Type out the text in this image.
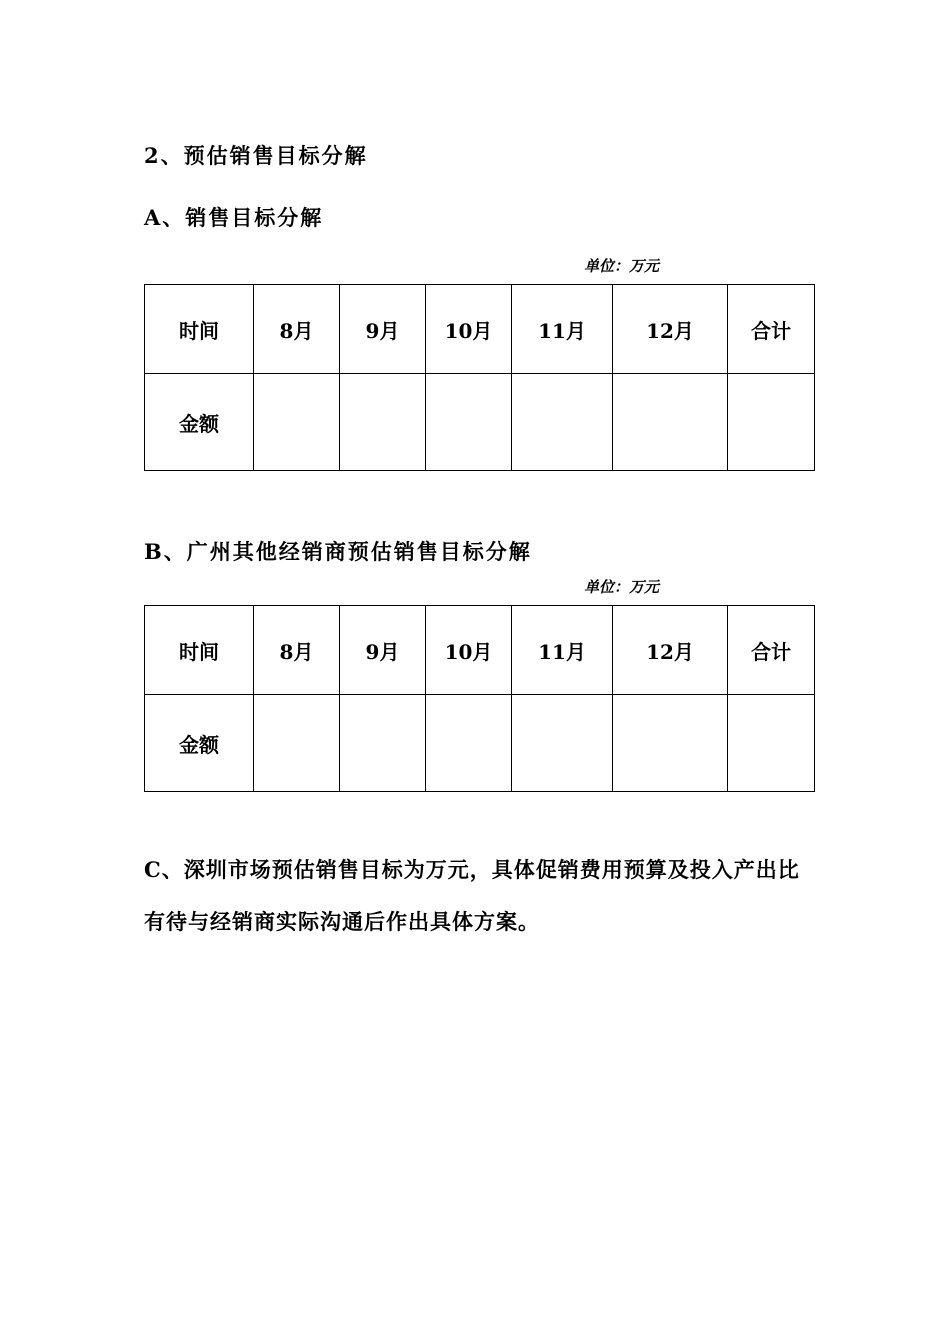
2、预估销售目标分解
A、销售目标分解
单位：万元
时间	8月	9月	10月	11月	12月	合计
金额						
B、广州其他经销商预估销售目标分解
单位：万元
时间	8月	9月	10月	11月	12月	合计
金额						
C、深圳市场预估销售目标为万元，具体促销费用预算及投入产出比
有待与经销商实际沟通后作出具体方案。
